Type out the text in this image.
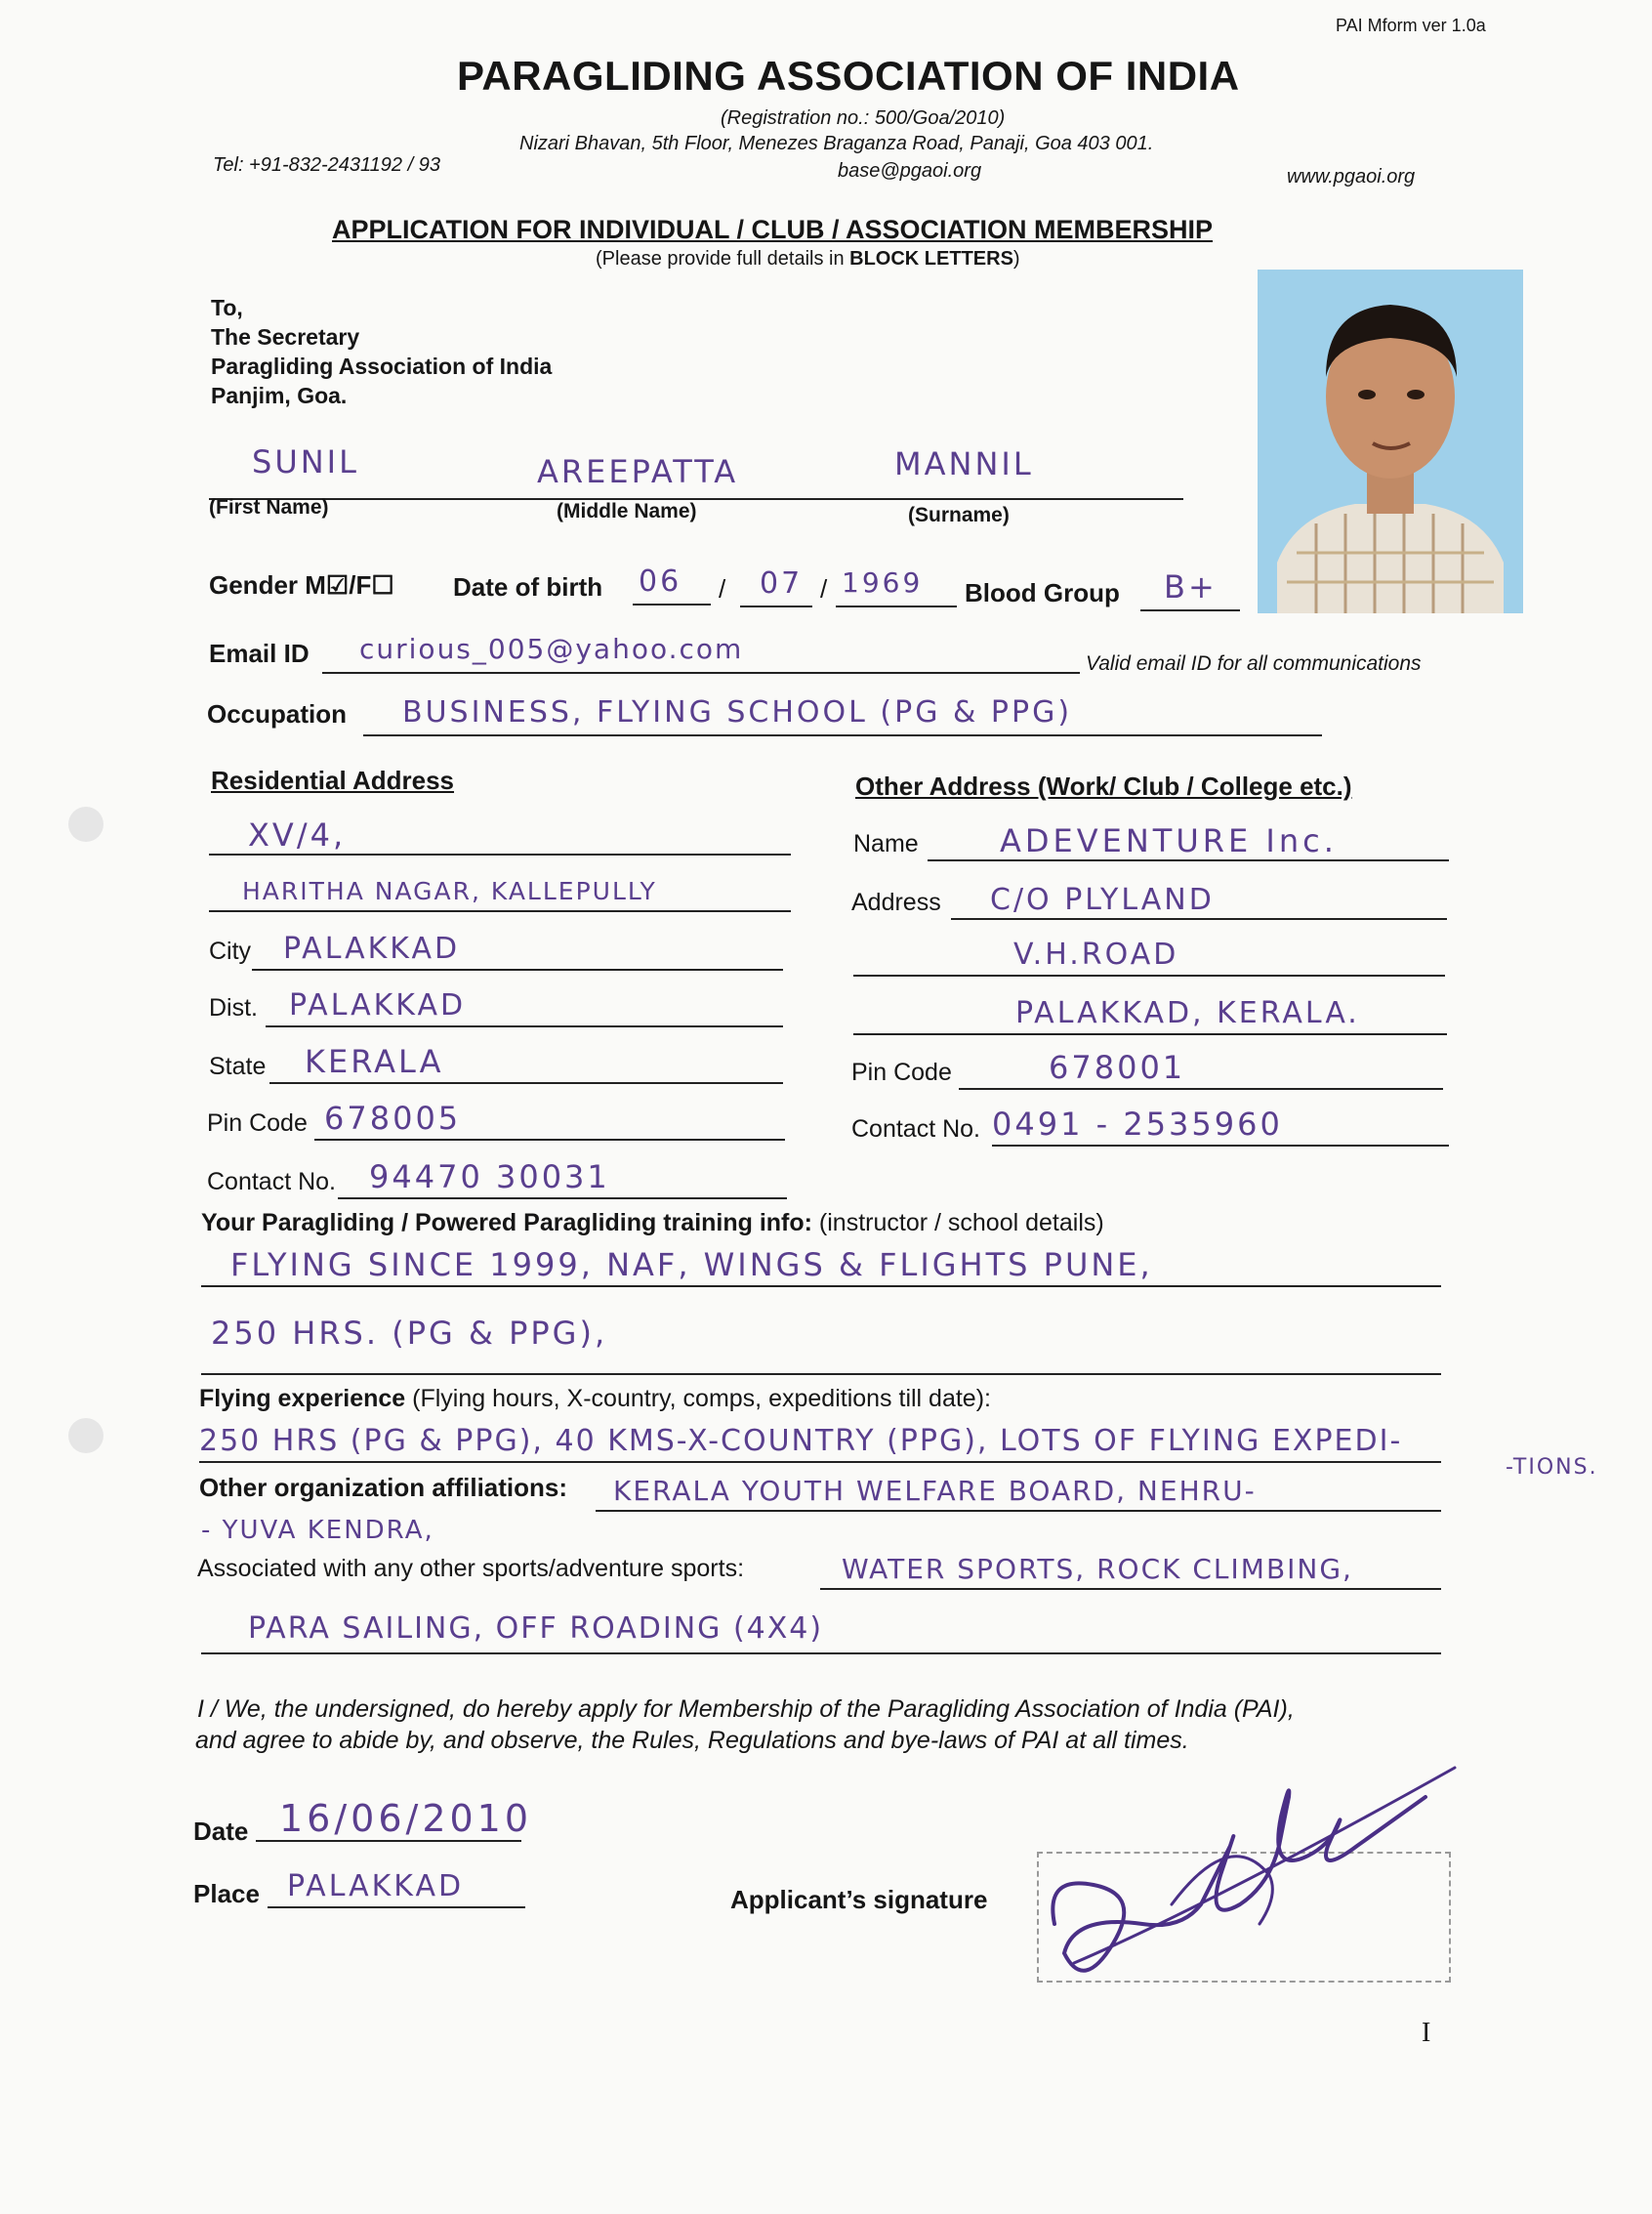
PAI Mform ver 1.0a
PARAGLIDING ASSOCIATION OF INDIA
(Registration no.: 500/Goa/2010)
Nizari Bhavan, 5th Floor, Menezes Braganza Road, Panaji, Goa 403 001.
Tel: +91-832-2431192 / 93	base@pgaoi.org	www.pgaoi.org
APPLICATION FOR INDIVIDUAL / CLUB / ASSOCIATION MEMBERSHIP
(Please provide full details in BLOCK LETTERS)
To,
The Secretary
Paragliding Association of India
Panjim, Goa.
SUNIL	AREEPATTA	MANNIL
(First Name)	(Middle Name)	(Surname)
Gender M☑/F☐ Date of birth 06 / 07 / 1969 Blood Group B+
Email ID curious_005@yahoo.com	Valid email ID for all communications
Occupation BUSINESS, FLYING SCHOOL (PG & PPG)
Residential Address
XV/4,
HARITHA NAGAR, KALLEPULLY
City PALAKKAD
Dist. PALAKKAD
State KERALA
Pin Code 678005
Contact No. 94470 30031
Other Address (Work/ Club / College etc.)
Name	ADEVENTURE Inc.
Address C/O PLYLAND
V.H.ROAD
PALAKKAD, KERALA.
Pin Code	678001
Contact No. 0491 - 2535960
Your Paragliding / Powered Paragliding training info: (instructor / school details)
FLYING SINCE 1999, NAF, WINGS & FLIGHTS PUNE,
250 HRS. (PG & PPG),
Flying experience (Flying hours, X-country, comps, expeditions till date):
250 HRS (PG & PPG), 40 KMS-X-COUNTRY (PPG), LOTS OF FLYING EXPEDI-
-TIONS.
Other organization affiliations: KERALA YOUTH WELFARE BOARD, NEHRU-
- YUVA KENDRA,
Associated with any other sports/adventure sports:	WATER SPORTS, ROCK CLIMBING,
PARA SAILING, OFF ROADING (4X4)
I / We, the undersigned, do hereby apply for Membership of the Paragliding Association of India (PAI),
and agree to abide by, and observe, the Rules, Regulations and bye-laws of PAI at all times.
Date 16/06/2010
Place PALAKKAD	Applicant’s signature
I
